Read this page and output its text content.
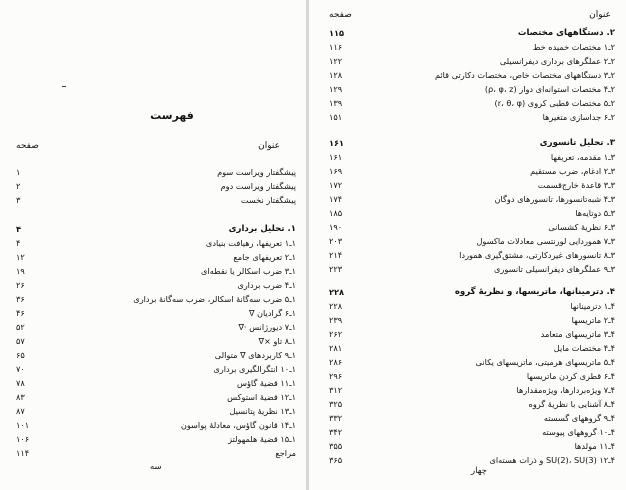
فهرست
صفحه	عنوان
۱	پیشگفتار ویراست سوم
۲	پیشگفتار ویراست دوم
۳	پیشگفتار نخست
۴	۱. تحلیل برداری
۴	۱ـ۱ تعریفها، رهیافت بنیادی
۱۲	۱ـ۲ تعریفهای جامع
۱۹	۱ـ۳ ضرب اسکالر یا نقطه‌ای
۲۶	۱ـ۴ ضرب برداری
۳۶	۱ـ۵ ضرب سه‌گانهٔ اسکالر، ضرب سه‌گانهٔ برداری
۴۶	۱ـ۶ گرادیان ∇
۵۲	۱ـ۷ دیورژانس ·∇
۵۷	۱ـ۸ تاو ×∇
۶۵	۱ـ۹ کاربردهای ∇ متوالی
۷۰	۱ـ۱۰ انتگرالگیری برداری
۷۸	۱ـ۱۱ قضیهٔ گاؤس
۸۳	۱ـ۱۲ قضیهٔ استوکس
۸۷	۱ـ۱۳ نظریهٔ پتانسیل
۱۰۱	۱ـ۱۴ قانون گاؤس، معادلهٔ پواسون
۱۰۶	۱ـ۱۵ قضیهٔ هلمهولتز
۱۱۴	مراجع
سه
صفحه	عنوان
۱۱۵	۲. دستگاههای مختصات
۱۱۶	۲ـ۱ مختصات خمیده خط
۱۲۲	۲ـ۲ عملگرهای برداری دیفرانسیلی
۱۲۸	۲ـ۳ دستگاههای مختصات خاص، مختصات دکارتی قائم
۱۲۹	۲ـ۴ مختصات استوانه‌ای دوار (ρ، φ، z)
۱۳۹	۲ـ۵ مختصات قطبی کروی (r، θ، φ)
۱۵۱	۲ـ۶ جداسازی متغیرها
۱۶۱	۳. تحلیل تانسوری
۱۶۱	۳ـ۱ مقدمه، تعریفها
۱۶۹	۳ـ۲ ادغام، ضرب مستقیم
۱۷۲	۳ـ۳ قاعدهٔ خارج‌قسمت
۱۷۴	۳ـ۴ شبه‌تانسورها، تانسورهای دوگان
۱۸۵	۳ـ۵ دوتایه‌ها
۱۹۰	۳ـ۶ نظریهٔ کشسانی
۲۰۳	۳ـ۷ هموردایی لورنتسی معادلات ماکسول
۲۱۴	۳ـ۸ تانسورهای غیردکارتی، مشتق‌گیری هموردا
۲۲۳	۳ـ۹ عملگرهای دیفرانسیلی تانسوری
۲۲۸	۴. دترمینانها، ماتریسها، و نظریهٔ گروه
۲۲۸	۴ـ۱ دترمینانها
۲۳۹	۴ـ۲ ماتریسها
۲۶۲	۴ـ۳ ماتریسهای متعامد
۲۸۱	۴ـ۴ مختصات مایل
۲۸۶	۴ـ۵ ماتریسهای هرمیتی، ماتریسهای یکانی
۲۹۶	۴ـ۶ قطری کردن ماتریسها
۳۱۲	۴ـ۷ ویژه‌بردارها، ویژه‌مقدارها
۳۲۵	۴ـ۸ آشنایی با نظریهٔ گروه
۳۳۲	۴ـ۹ گروههای گسسته
۳۴۲	۴ـ۱۰ گروههای پیوسته
۳۵۵	۴ـ۱۱ مولدها
۳۶۵	۴ـ۱۲ SU(2)، SU(3) و ذرات هسته‌ای
چهار
